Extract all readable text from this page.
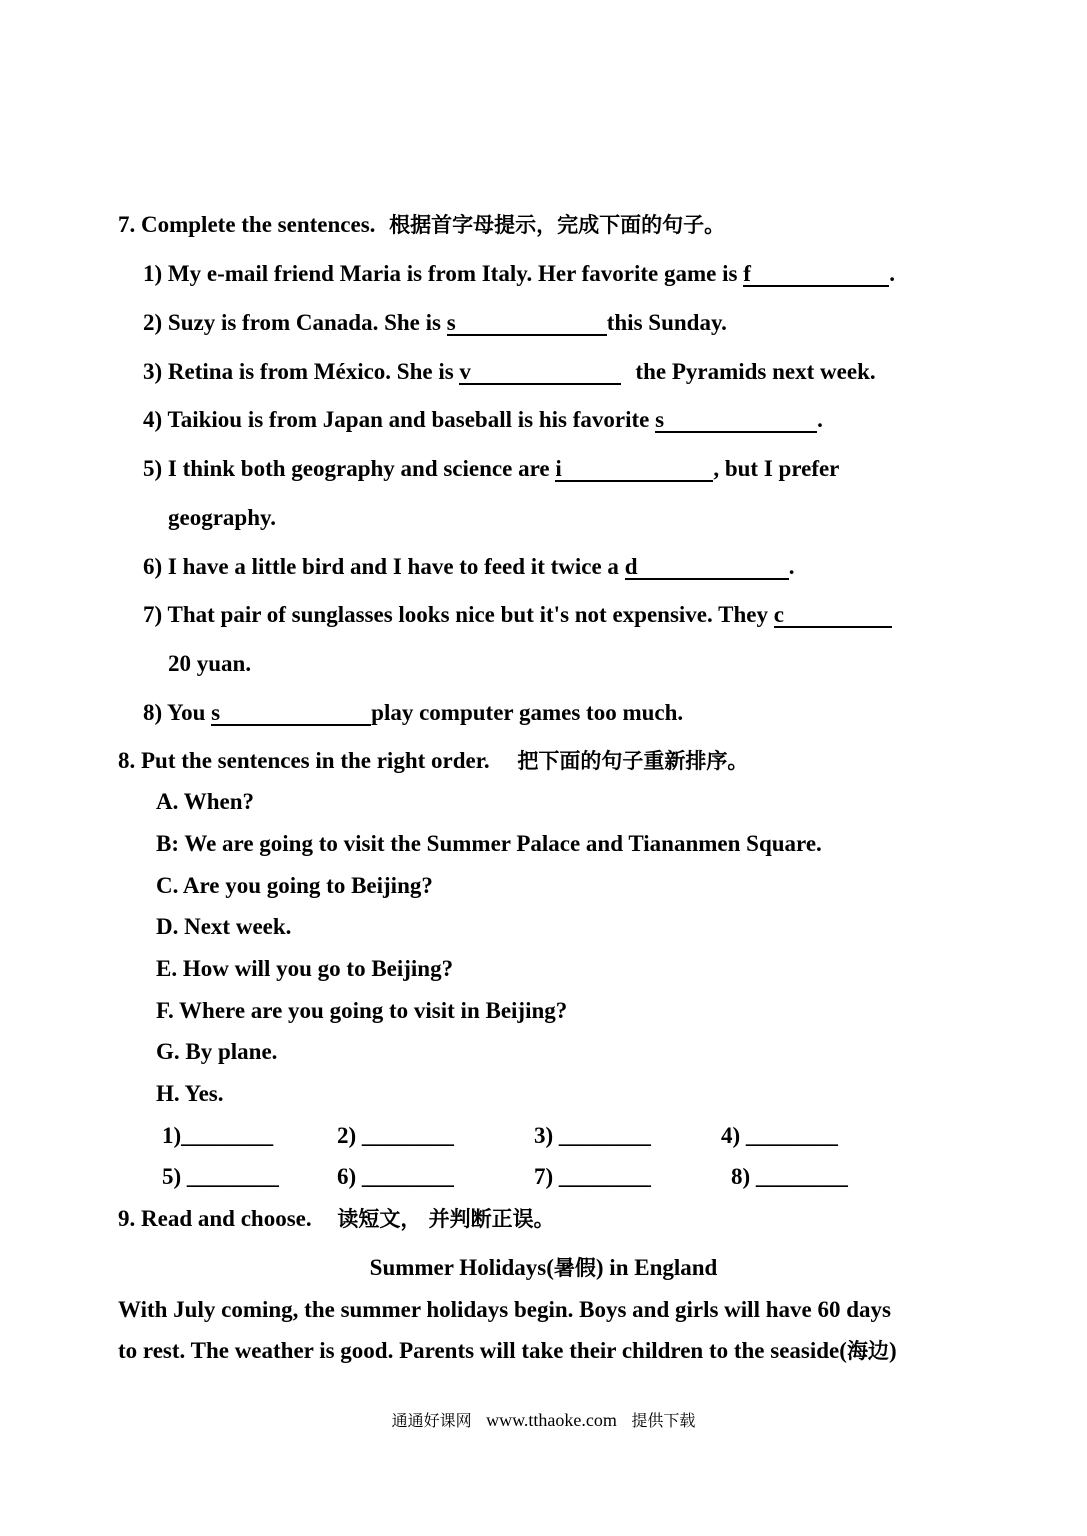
7. Complete the sentences. 根据首字母提示，完成下面的句子。
1) My e-mail friend Maria is from Italy. Her favorite game is f	.
2) Suzy is from Canada. She is s	this Sunday.
3) Retina is from México. She is v	the Pyramids next week.
4) Taikiou is from Japan and baseball is his favorite s	.
5) I think both geography and science are i	, but I prefer
geography.
6) I have a little bird and I have to feed it twice a d	.
7) That pair of sunglasses looks nice but it's not expensive. They c
20 yuan.
8) You s	play computer games too much.
8. Put the sentences in the right order. 把下面的句子重新排序。
A. When?
B: We are going to visit the Summer Palace and Tiananmen Square.
C. Are you going to Beijing?
D. Next week.
E. How will you go to Beijing?
F. Where are you going to visit in Beijing?
G. By plane.
H. Yes.
1)________	2) ________	3) ________	4) ________
5) ________	6) ________	7) ________	8) ________
9. Read and choose. 读短文， 并判断正误。
Summer Holidays(暑假) in England
With July coming, the summer holidays begin. Boys and girls will have 60 days
to rest. The weather is good. Parents will take their children to the seaside(海边)
通通好课网 www.tthaoke.com 提供下载
